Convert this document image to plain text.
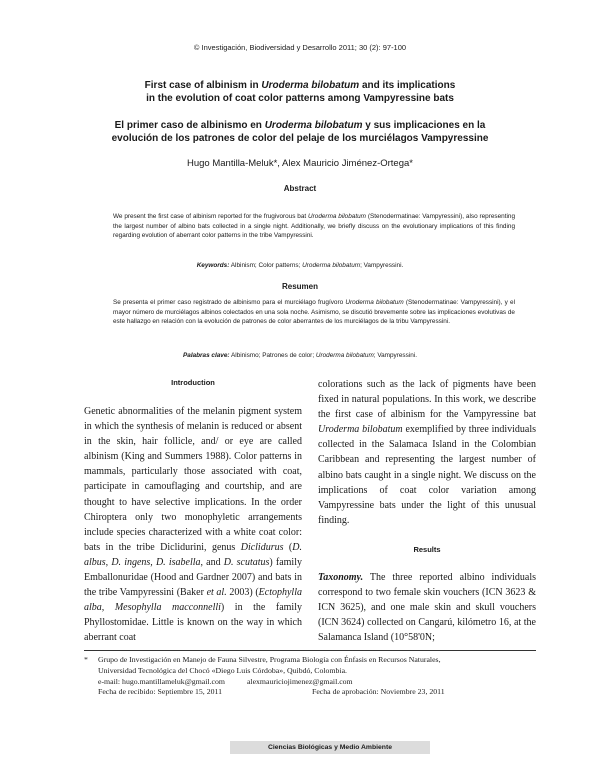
© Investigación, Biodiversidad y Desarrollo 2011; 30 (2): 97-100
First case of albinism in Uroderma bilobatum and its implications
in the evolution of coat color patterns among Vampyressine bats
El primer caso de albinismo en Uroderma bilobatum y sus implicaciones en la
evolución de los patrones de color del pelaje de los murciélagos Vampyressine
Hugo Mantilla-Meluk*, Alex Mauricio Jiménez-Ortega*
Abstract

We present the first case of albinism reported for the frugivorous bat Uroderma bilobatum (Stenodermatinae: Vampyressini), also representing the largest number of albino bats collected in a single night. Additionally, we briefly discuss on the evolutionary implications of this finding regarding evolution of aberrant color patterns in the tribe Vampyressini.

Keywords: Albinism; Color patterns; Uroderma bilobatum; Vampyressini.
Resumen

Se presenta el primer caso registrado de albinismo para el murciélago frugívoro Uroderma bilobatum (Stenodermatinae: Vampyressini), y el mayor número de murciélagos albinos colectados en una sola noche. Asimismo, se discutió brevemente sobre las implicaciones evolutivas de este hallazgo en relación con la evolución de patrones de color aberrantes de los murciélagos de la tribu Vampyressini.

Palabras clave: Albinismo; Patrones de color; Uroderma bilobatum; Vampyressini.
Introduction

Genetic abnormalities of the melanin pigment system in which the synthesis of melanin is reduced or absent in the skin, hair follicle, and/ or eye are called albinism (King and Summers 1988). Color patterns in mammals, particularly those associated with coat, participate in camouflaging and courtship, and are thought to have selective implications. In the order Chiroptera only two monophyletic arrangements include species characterized with a white coat color: bats in the tribe Diclidurini, genus Diclidurus (D. albus, D. ingens, D. isabella, and D. scutatus) family Emballonuridae (Hood and Gardner 2007) and bats in the tribe Vampyressini (Baker et al. 2003) (Ectophylla alba, Mesophylla macconnelli) in the family Phyllostomidae. Little is known on the way in which aberrant coat

colorations such as the lack of pigments have been fixed in natural populations. In this work, we describe the first case of albinism for the Vampyressine bat Uroderma bilobatum exemplified by three individuals collected in the Salamaca Island in the Colombian Caribbean and representing the largest number of albino bats caught in a single night. We discuss on the implications of coat color variation among Vampyressine bats under the light of this unusual finding.

Results

Taxonomy. The three reported albino individuals correspond to two female skin vouchers (ICN 3623 & ICN 3625), and one male skin and skull vouchers (ICN 3624) collected on Cangarú, kilómetro 16, at the Salamanca Island (10°58'0N;

* Grupo de Investigación en Manejo de Fauna Silvestre, Programa Biología con Énfasis en Recursos Naturales,
Universidad Tecnológica del Chocó «Diego Luis Córdoba», Quibdó, Colombia.
e-mail: hugo.mantillameluk@gmail.com	alexmauriciojimenez@gmail.com
Fecha de recibido: Septiembre 15, 2011	Fecha de aprobación: Noviembre 23, 2011
Ciencias Biológicas y Medio Ambiente
